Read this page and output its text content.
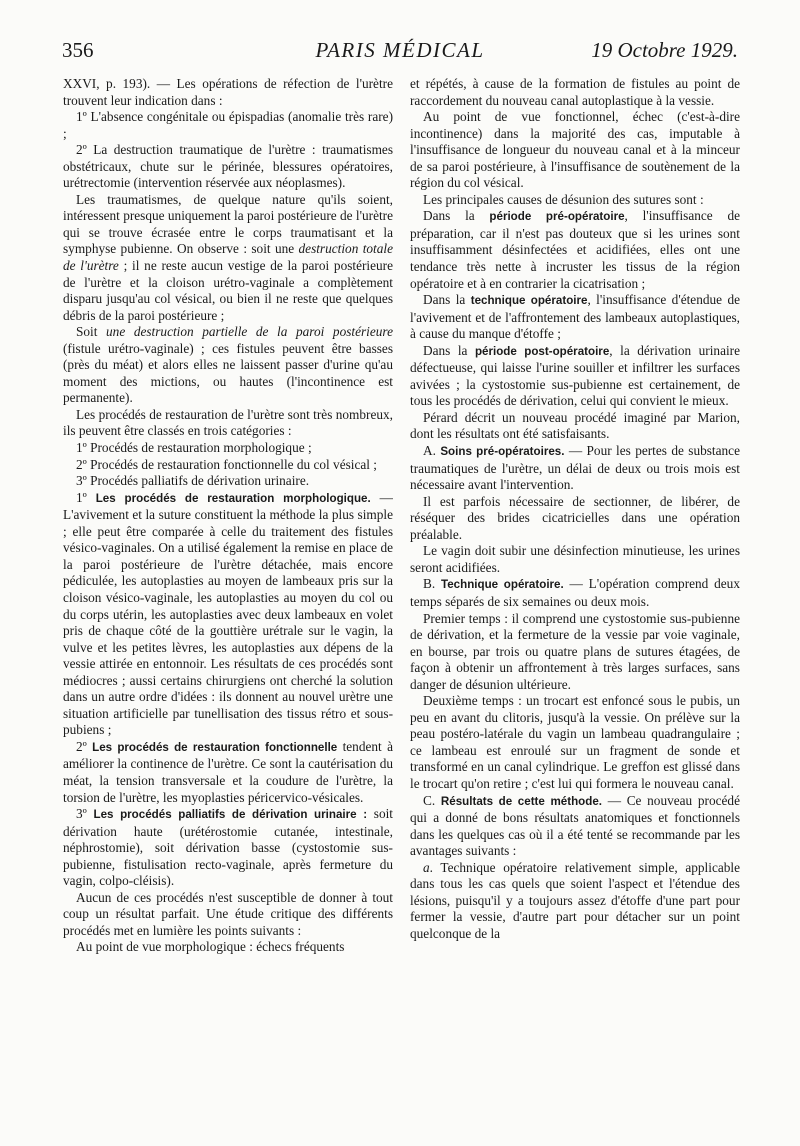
356	PARIS MÉDICAL	19 Octobre 1929.

XXVI, p. 193). — Les opérations de réfection de l'urètre trouvent leur indication dans :

1º L'absence congénitale ou épispadias (anomalie très rare) ;

2º La destruction traumatique de l'urètre : traumatismes obstétricaux, chute sur le périnée, blessures opératoires, urétrectomie (intervention réservée aux néoplasmes).

Les traumatismes, de quelque nature qu'ils soient, intéressent presque uniquement la paroi postérieure de l'urètre qui se trouve écrasée entre le corps traumatisant et la symphyse pubienne. On observe : soit une destruction totale de l'urètre ; il ne reste aucun vestige de la paroi postérieure de l'urètre et la cloison urétro-vaginale a complètement disparu jusqu'au col vésical, ou bien il ne reste que quelques débris de la paroi postérieure ;

Soit une destruction partielle de la paroi postérieure (fistule urétro-vaginale) ; ces fistules peuvent être basses (près du méat) et alors elles ne laissent passer d'urine qu'au moment des mictions, ou hautes (l'incontinence est permanente).

Les procédés de restauration de l'urètre sont très nombreux, ils peuvent être classés en trois catégories :

1º Procédés de restauration morphologique ;

2º Procédés de restauration fonctionnelle du col vésical ;

3º Procédés palliatifs de dérivation urinaire.

1º Les procédés de restauration morphologique. — L'avivement et la suture constituent la méthode la plus simple ; elle peut être comparée à celle du traitement des fistules vésico-vaginales. On a utilisé également la remise en place de la paroi postérieure de l'urètre détachée, mais encore pédiculée, les autoplasties au moyen de lambeaux pris sur la cloison vésico-vaginale, les autoplasties au moyen du col ou du corps utérin, les autoplasties avec deux lambeaux en volet pris de chaque côté de la gouttière urétrale sur le vagin, la vulve et les petites lèvres, les autoplasties aux dépens de la vessie attirée en entonnoir. Les résultats de ces procédés sont médiocres ; aussi certains chirurgiens ont cherché la solution dans un autre ordre d'idées : ils donnent au nouvel urètre une situation artificielle par tunellisation des tissus rétro et sous-pubiens ;

2º Les procédés de restauration fonctionnelle tendent à améliorer la continence de l'urètre. Ce sont la cautérisation du méat, la tension transversale et la coudure de l'urètre, la torsion de l'urètre, les myoplasties péricervico-vésicales.

3º Les procédés palliatifs de dérivation urinaire : soit dérivation haute (urétérostomie cutanée, intestinale, néphrostomie), soit dérivation basse (cystostomie sus-pubienne, fistulisation recto-vaginale, après fermeture du vagin, colpo-cléisis).

Aucun de ces procédés n'est susceptible de donner à tout coup un résultat parfait. Une étude critique des différents procédés met en lumière les points suivants :

Au point de vue morphologique : échecs fréquents

et répétés, à cause de la formation de fistules au point de raccordement du nouveau canal autoplastique à la vessie.

Au point de vue fonctionnel, échec (c'est-à-dire incontinence) dans la majorité des cas, imputable à l'insuffisance de longueur du nouveau canal et à la minceur de sa paroi postérieure, à l'insuffisance de soutènement de la région du col vésical.

Les principales causes de désunion des sutures sont :

Dans la période pré-opératoire, l'insuffisance de préparation, car il n'est pas douteux que si les urines sont insuffisamment désinfectées et acidifiées, elles ont une tendance très nette à incruster les tissus de la région opératoire et à en contrarier la cicatrisation ;

Dans la technique opératoire, l'insuffisance d'étendue de l'avivement et de l'affrontement des lambeaux autoplastiques, à cause du manque d'étoffe ;

Dans la période post-opératoire, la dérivation urinaire défectueuse, qui laisse l'urine souiller et infiltrer les surfaces avivées ; la cystostomie sus-pubienne est certainement, de tous les procédés de dérivation, celui qui convient le mieux.

Pérard décrit un nouveau procédé imaginé par Marion, dont les résultats ont été satisfaisants.

A. Soins pré-opératoires. — Pour les pertes de substance traumatiques de l'urètre, un délai de deux ou trois mois est nécessaire avant l'intervention.

Il est parfois nécessaire de sectionner, de libérer, de réséquer des brides cicatricielles dans une opération préalable.

Le vagin doit subir une désinfection minutieuse, les urines seront acidifiées.

B. Technique opératoire. — L'opération comprend deux temps séparés de six semaines ou deux mois.

Premier temps : il comprend une cystostomie sus-pubienne de dérivation, et la fermeture de la vessie par voie vaginale, en bourse, par trois ou quatre plans de sutures étagées, de façon à obtenir un affrontement à très larges surfaces, sans danger de désunion ultérieure.

Deuxième temps : un trocart est enfoncé sous le pubis, un peu en avant du clitoris, jusqu'à la vessie. On prélève sur la peau postéro-latérale du vagin un lambeau quadrangulaire ; ce lambeau est enroulé sur un fragment de sonde et transformé en un canal cylindrique. Le greffon est glissé dans le trocart qu'on retire ; c'est lui qui formera le nouveau canal.

C. Résultats de cette méthode. — Ce nouveau procédé qui a donné de bons résultats anatomiques et fonctionnels dans les quelques cas où il a été tenté se recommande par les avantages suivants :

a. Technique opératoire relativement simple, applicable dans tous les cas quels que soient l'aspect et l'étendue des lésions, puisqu'il y a toujours assez d'étoffe d'une part pour fermer la vessie, d'autre part pour détacher sur un point quelconque de la
